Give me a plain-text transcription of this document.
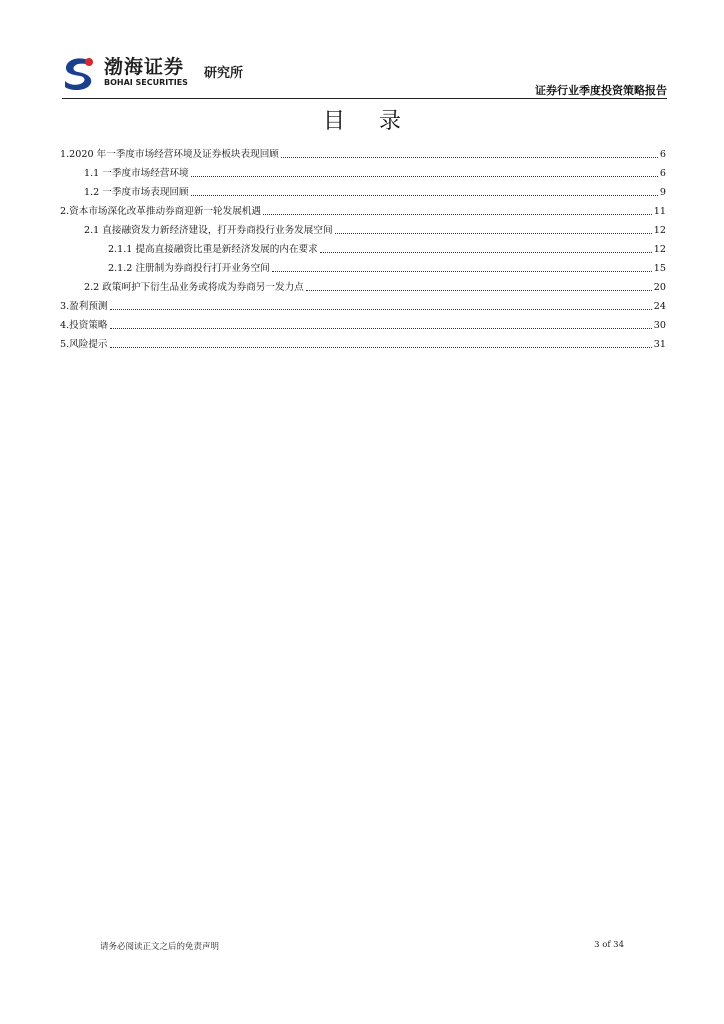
渤海证券
BOHAI SECURITIES
研究所
证券行业季度投资策略报告
目录
1.2020 年一季度市场经营环境及证券板块表现回顾	6
1.1 一季度市场经营环境	6
1.2 一季度市场表现回顾	9
2.资本市场深化改革推动券商迎新一轮发展机遇	11
2.1 直接融资发力新经济建设，打开券商投行业务发展空间	12
2.1.1 提高直接融资比重是新经济发展的内在要求	12
2.1.2 注册制为券商投行打开业务空间	15
2.2 政策呵护下衍生品业务或将成为券商另一发力点	20
3.盈利预测	24
4.投资策略	30
5.风险提示	31
请务必阅读正文之后的免责声明	3 of 34
